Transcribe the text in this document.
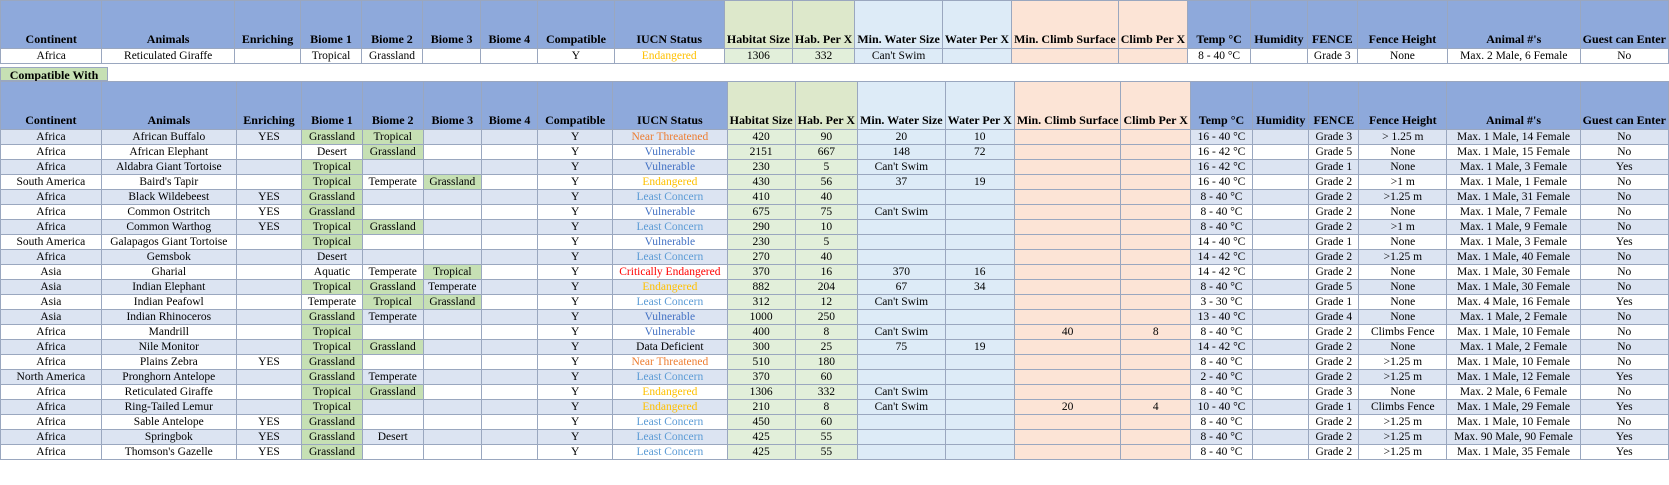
Continent	Animals	Enriching	Biome 1	Biome 2	Biome 3	Biome 4	Compatible	IUCN Status	Habitat Size	Hab. Per X	Min. Water Size	Water Per X	Min. Climb Surface	Climb Per X	Temp °C	Humidity	FENCE	Fence Height	Animal #'s	Guest can Enter
Africa	Reticulated Giraffe		Tropical	Grassland			Y	Endangered	1306	332	Can't Swim				8 - 40 °C		Grade 3	None	Max. 2 Male, 6 Female	No
Compatible With
Continent	Animals	Enriching	Biome 1	Biome 2	Biome 3	Biome 4	Compatible	IUCN Status	Habitat Size	Hab. Per X	Min. Water Size	Water Per X	Min. Climb Surface	Climb Per X	Temp °C	Humidity	FENCE	Fence Height	Animal #'s	Guest can Enter
Africa	African Buffalo	YES	Grassland	Tropical			Y	Near Threatened	420	90	20	10			16 - 40 °C		Grade 3	> 1.25 m	Max. 1 Male, 14 Female	No
Africa	African Elephant		Desert	Grassland			Y	Vulnerable	2151	667	148	72			16 - 42 °C		Grade 5	None	Max. 1 Male, 15 Female	No
Africa	Aldabra Giant Tortoise		Tropical				Y	Vulnerable	230	5	Can't Swim				16 - 42 °C		Grade 1	None	Max. 1 Male, 3 Female	Yes
South America	Baird's Tapir		Tropical	Temperate	Grassland		Y	Endangered	430	56	37	19			16 - 40 °C		Grade 2	>1 m	Max. 1 Male, 1 Female	No
Africa	Black Wildebeest	YES	Grassland				Y	Least Concern	410	40					8 - 40 °C		Grade 2	>1.25 m	Max. 1 Male, 31 Female	No
Africa	Common Ostritch	YES	Grassland				Y	Vulnerable	675	75	Can't Swim				8 - 40 °C		Grade 2	None	Max. 1 Male, 7 Female	No
Africa	Common Warthog	YES	Tropical	Grassland			Y	Least Concern	290	10					8 - 40 °C		Grade 2	>1 m	Max. 1 Male, 9 Female	No
South America	Galapagos Giant Tortoise		Tropical				Y	Vulnerable	230	5					14 - 40 °C		Grade 1	None	Max. 1 Male, 3 Female	Yes
Africa	Gemsbok		Desert				Y	Least Concern	270	40					14 - 42 °C		Grade 2	>1.25 m	Max. 1 Male, 40 Female	No
Asia	Gharial		Aquatic	Temperate	Tropical		Y	Critically Endangered	370	16	370	16			14 - 42 °C		Grade 2	None	Max. 1 Male, 30 Female	No
Asia	Indian Elephant		Tropical	Grassland	Temperate		Y	Endangered	882	204	67	34			8 - 40 °C		Grade 5	None	Max. 1 Male, 30 Female	No
Asia	Indian Peafowl		Temperate	Tropical	Grassland		Y	Least Concern	312	12	Can't Swim				3 - 30 °C		Grade 1	None	Max. 4 Male, 16 Female	Yes
Asia	Indian Rhinoceros		Grassland	Temperate			Y	Vulnerable	1000	250					13 - 40 °C		Grade 4	None	Max. 1 Male, 2 Female	No
Africa	Mandrill		Tropical				Y	Vulnerable	400	8	Can't Swim		40	8	8 - 40 °C		Grade 2	Climbs Fence	Max. 1 Male, 10 Female	No
Africa	Nile Monitor		Tropical	Grassland			Y	Data Deficient	300	25	75	19			14 - 42 °C		Grade 2	None	Max. 1 Male, 2 Female	No
Africa	Plains Zebra	YES	Grassland				Y	Near Threatened	510	180					8 - 40 °C		Grade 2	>1.25 m	Max. 1 Male, 10 Female	No
North America	Pronghorn Antelope		Grassland	Temperate			Y	Least Concern	370	60					2 - 40 °C		Grade 2	>1.25 m	Max. 1 Male, 12 Female	Yes
Africa	Reticulated Giraffe		Tropical	Grassland			Y	Endangered	1306	332	Can't Swim				8 - 40 °C		Grade 3	None	Max. 2 Male, 6 Female	No
Africa	Ring-Tailed Lemur		Tropical				Y	Endangered	210	8	Can't Swim		20	4	10 - 40 °C		Grade 1	Climbs Fence	Max. 1 Male, 29 Female	Yes
Africa	Sable Antelope	YES	Grassland				Y	Least Concern	450	60					8 - 40 °C		Grade 2	>1.25 m	Max. 1 Male, 10 Female	No
Africa	Springbok	YES	Grassland	Desert			Y	Least Concern	425	55					8 - 40 °C		Grade 2	>1.25 m	Max. 90 Male, 90 Female	Yes
Africa	Thomson's Gazelle	YES	Grassland				Y	Least Concern	425	55					8 - 40 °C		Grade 2	>1.25 m	Max. 1 Male, 35 Female	Yes
